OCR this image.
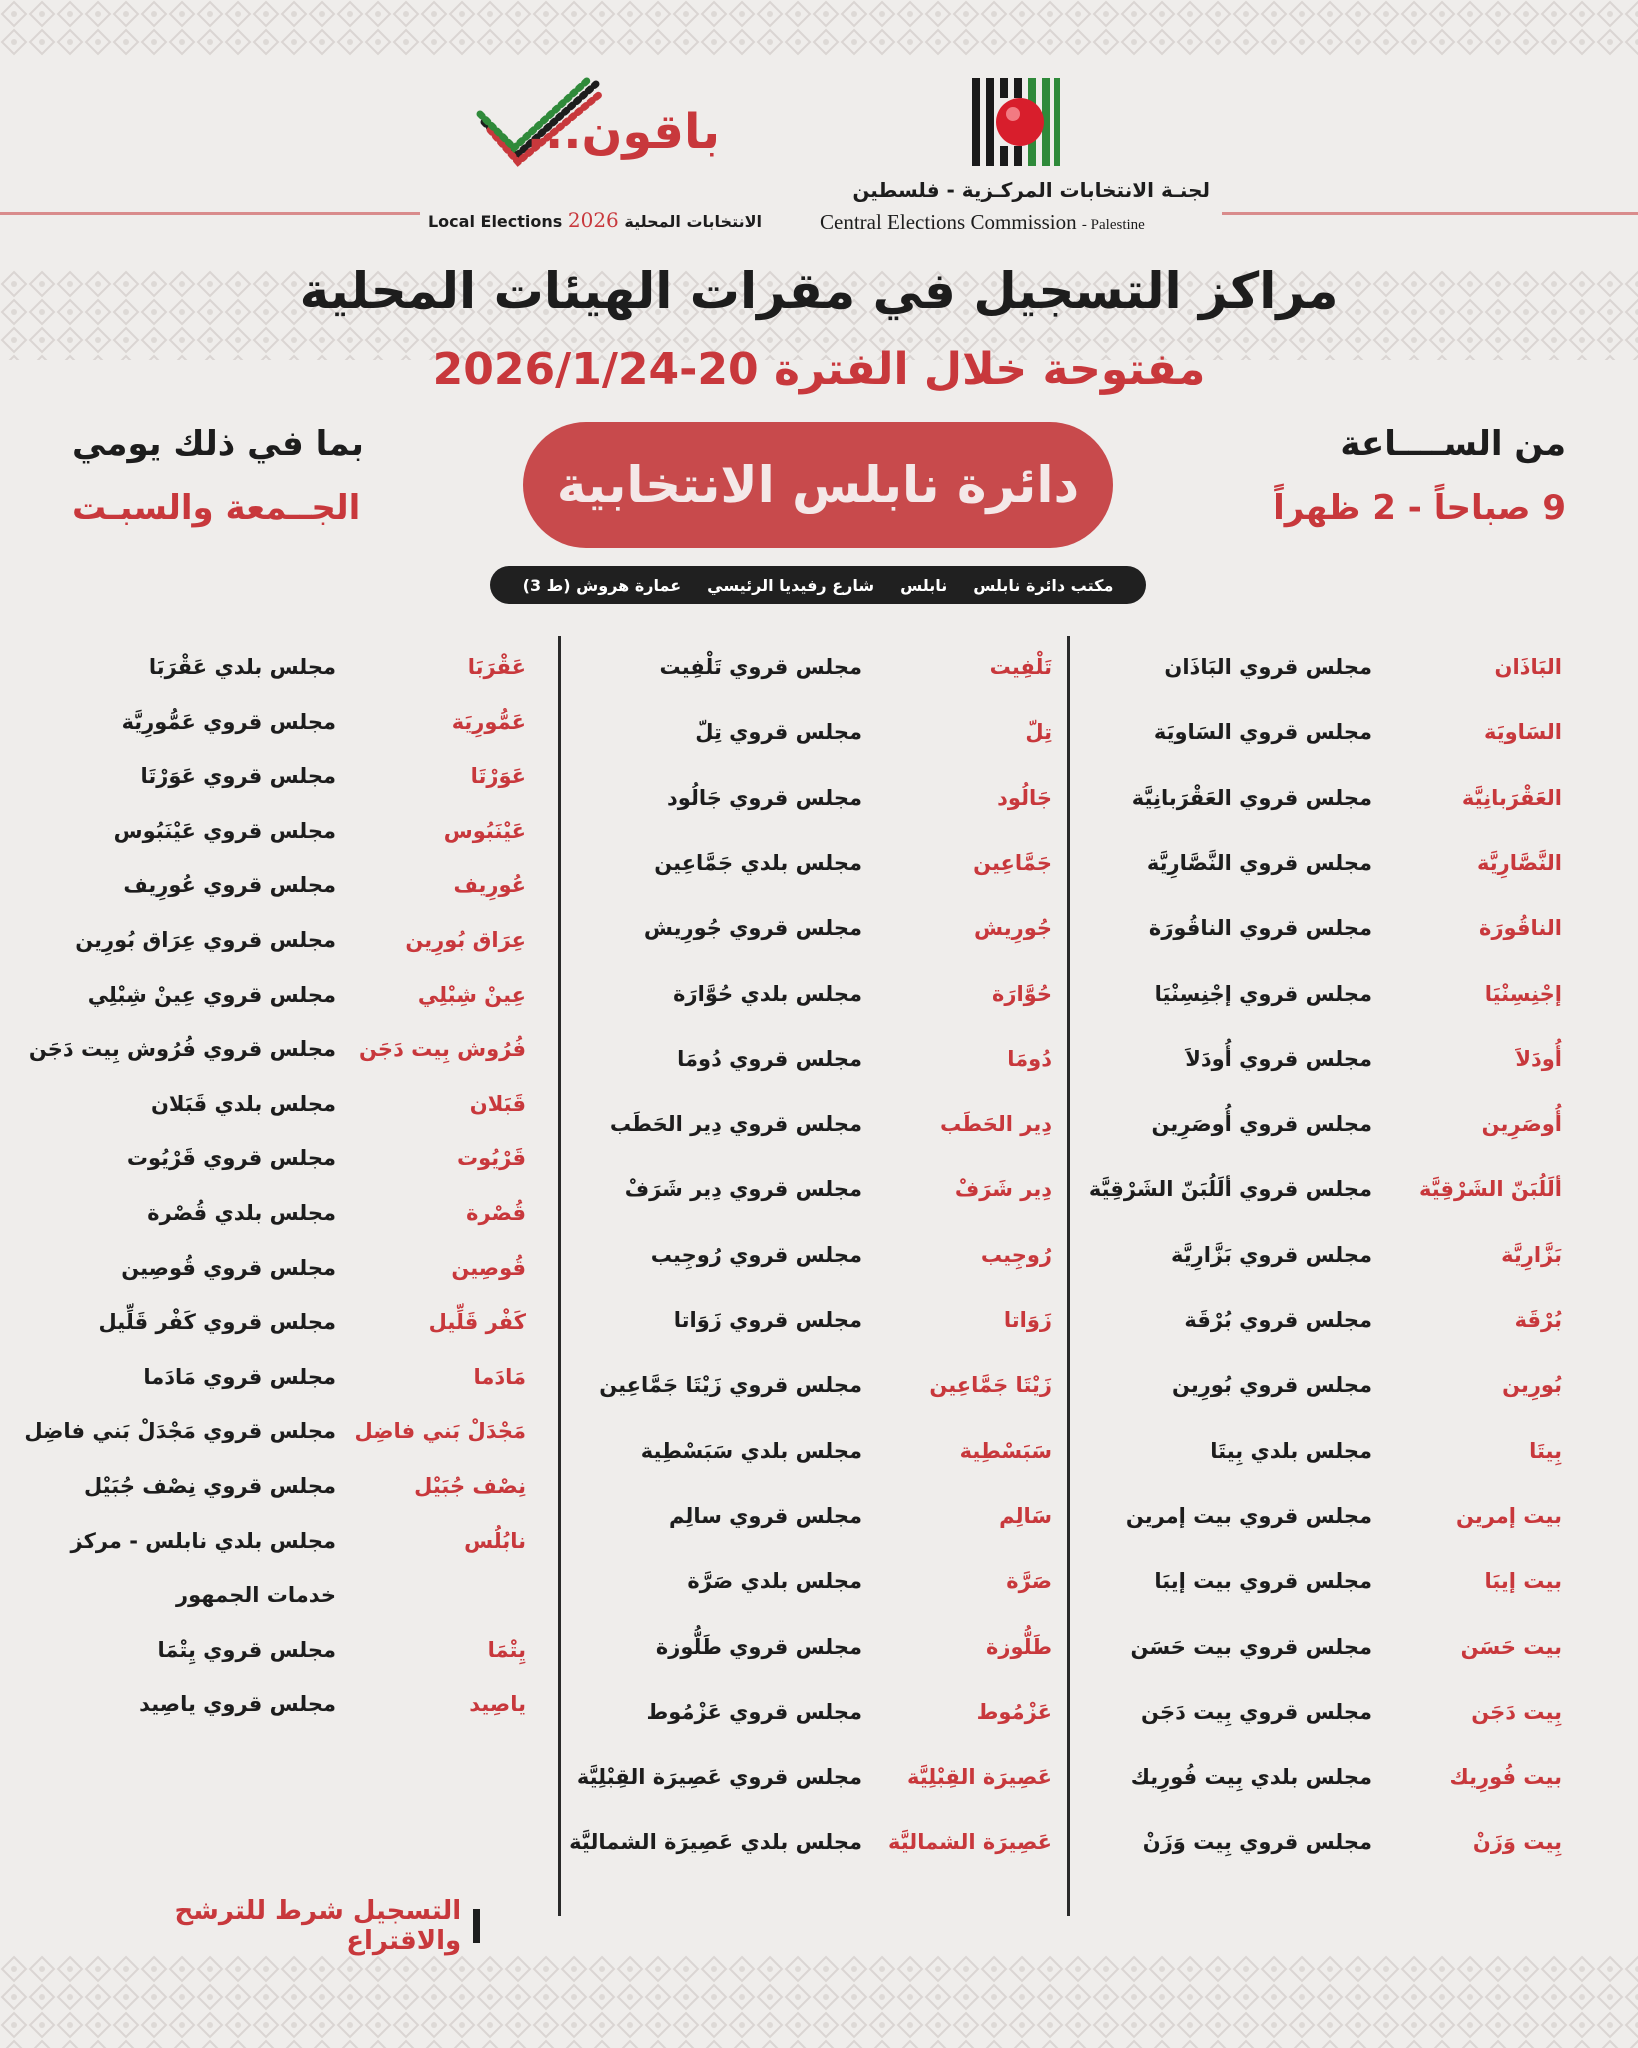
لجنـة الانتخابات المركـزية - فلسطين
Central Elections Commission - Palestine
باقون...
Local Elections 2026 الانتخابات المحلية
مراكز التسجيل في مقرات الهيئات المحلية
مفتوحة خلال الفترة 20-2026/1/24
من الســــاعة
9 صباحاً - 2 ظهراً
بما في ذلك يومي
الجــمعة والسبـت	دائرة نابلس الانتخابية
مكتب دائرة نابلس
نابلس
شارع رفيديا الرئيسي
عمارة هروش (ط 3)
البَاذَان
مجلس قروي البَاذَان
السَاويَة
مجلس قروي السَاويَة
العَقْرَبانِيَّة
مجلس قروي العَقْرَبانِيَّة
النَّصَّارِيَّة
مجلس قروي النَّصَّارِيَّة
الناقُورَة
مجلس قروي الناقُورَة
إجْنِسِنْيَا
مجلس قروي إجْنِسِنْيَا
أُودَلاَ
مجلس قروي أُودَلاَ
أُوصَرِين
مجلس قروي أُوصَرِين
ألَلُبَنّ الشَرْقِيَّة
مجلس قروي ألَلُبَنّ الشَرْقِيَّة
بَزَّارِيَّة
مجلس قروي بَزَّارِيَّة
بُرْقَة
مجلس قروي بُرْقَة
بُورِين
مجلس قروي بُورِين
بِيتَا
مجلس بلدي بِيتَا
بيت إمرين
مجلس قروي بيت إمرين
بيت إيبَا
مجلس قروي بيت إيبَا
بيت حَسَن
مجلس قروي بيت حَسَن
بِيت دَجَن
مجلس قروي بِيت دَجَن
بيت فُورِيك
مجلس بلدي بِيت فُورِيك
بِيت وَزَنْ
مجلس قروي بِيت وَزَنْ
تَلْفِيت
مجلس قروي تَلْفِيت
تِلّ
مجلس قروي تِلّ
جَالُود
مجلس قروي جَالُود
جَمَّاعِين
مجلس بلدي جَمَّاعِين
جُورِيش
مجلس قروي جُورِيش
حُوَّارَة
مجلس بلدي حُوَّارَة
دُومَا
مجلس قروي دُومَا
دِير الحَطَب
مجلس قروي دِير الحَطَب
دِير شَرَفْ
مجلس قروي دِير شَرَفْ
رُوجِيب
مجلس قروي رُوجِيب
زَوَاتا
مجلس قروي زَوَاتا
زَيْتَا جَمَّاعِين
مجلس قروي زَيْتَا جَمَّاعِين
سَبَسْطِية
مجلس بلدي سَبَسْطِية
سَالِم
مجلس قروي سالِم
صَرَّة
مجلس بلدي صَرَّة
طَلُّوزة
مجلس قروي طَلُّوزة
عَزْمُوط
مجلس قروي عَزْمُوط
عَصِيرَة القِبْلِيَّة
مجلس قروي عَصِيرَة القِبْلِيَّة
عَصِيرَة الشماليَّة
مجلس بلدي عَصِيرَة الشماليَّة
عَقْرَبَا
مجلس بلدي عَقْرَبَا
عَمُّورِيَة
مجلس قروي عَمُّورِيَّة
عَوَرْتَا
مجلس قروي عَوَرْتَا
عَيْنَبُوس
مجلس قروي عَيْنَبُوس
عُورِيف
مجلس قروي عُورِيف
عِرَاق بُورِين
مجلس قروي عِرَاق بُورِين
عِينْ شِبْلِي
مجلس قروي عِينْ شِبْلِي
فُرُوش بِيت دَجَن
مجلس قروي فُرُوش بِيت دَجَن
قَبَلان
مجلس بلدي قَبَلان
قَرْيُوت
مجلس قروي قَرْيُوت
قُصْرة
مجلس بلدي قُصْرة
قُوصِين
مجلس قروي قُوصِين
كَفْر قَلِّيل
مجلس قروي كَفْر قَلِّيل
مَادَما
مجلس قروي مَادَما
مَجْدَلْ بَني فاضِل
مجلس قروي مَجْدَلْ بَني فاضِل
نِصْف جُبَيْل
مجلس قروي نِصْف جُبَيْل
نابُلُس
مجلس بلدي نابلس - مركز
خدمات الجمهور
يِتْمَا
مجلس قروي يِتْمَا
ياصِيد
مجلس قروي ياصِيد
التسجيل شرط للترشح والاقتراع
